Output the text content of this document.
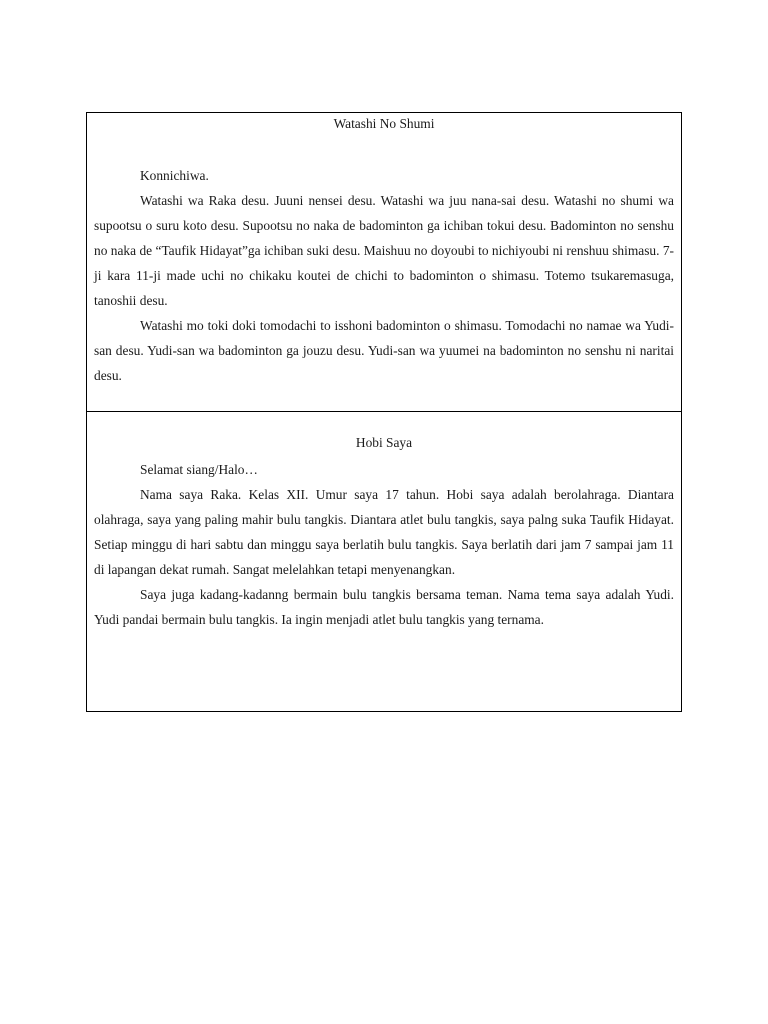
Watashi No Shumi

Konnichiwa.

Watashi wa Raka desu. Juuni nensei desu. Watashi wa juu nana-sai desu. Watashi no shumi wa supootsu o suru koto desu. Supootsu no naka de badominton ga ichiban tokui desu. Badominton no senshu no naka de “Taufik Hidayat”ga ichiban suki desu. Maishuu no doyoubi to nichiyoubi ni renshuu shimasu. 7-ji kara 11-ji made uchi no chikaku koutei de chichi to badominton o shimasu. Totemo tsukaremasuga, tanoshii desu.

Watashi mo toki doki tomodachi to isshoni badominton o shimasu. Tomodachi no namae wa Yudi-san desu. Yudi-san wa badominton ga jouzu desu. Yudi-san wa yuumei na badominton no senshu ni naritai desu.

Hobi Saya

Selamat siang/Halo…

Nama saya Raka. Kelas XII. Umur saya 17 tahun. Hobi saya adalah berolahraga. Diantara olahraga, saya yang paling mahir bulu tangkis. Diantara atlet bulu tangkis, saya palng suka Taufik Hidayat. Setiap minggu di hari sabtu dan minggu saya berlatih bulu tangkis. Saya berlatih dari jam 7 sampai jam 11 di lapangan dekat rumah. Sangat melelahkan tetapi menyenangkan.

Saya juga kadang-kadanng bermain bulu tangkis bersama teman. Nama tema saya adalah Yudi. Yudi pandai bermain bulu tangkis. Ia ingin menjadi atlet bulu tangkis yang ternama.
